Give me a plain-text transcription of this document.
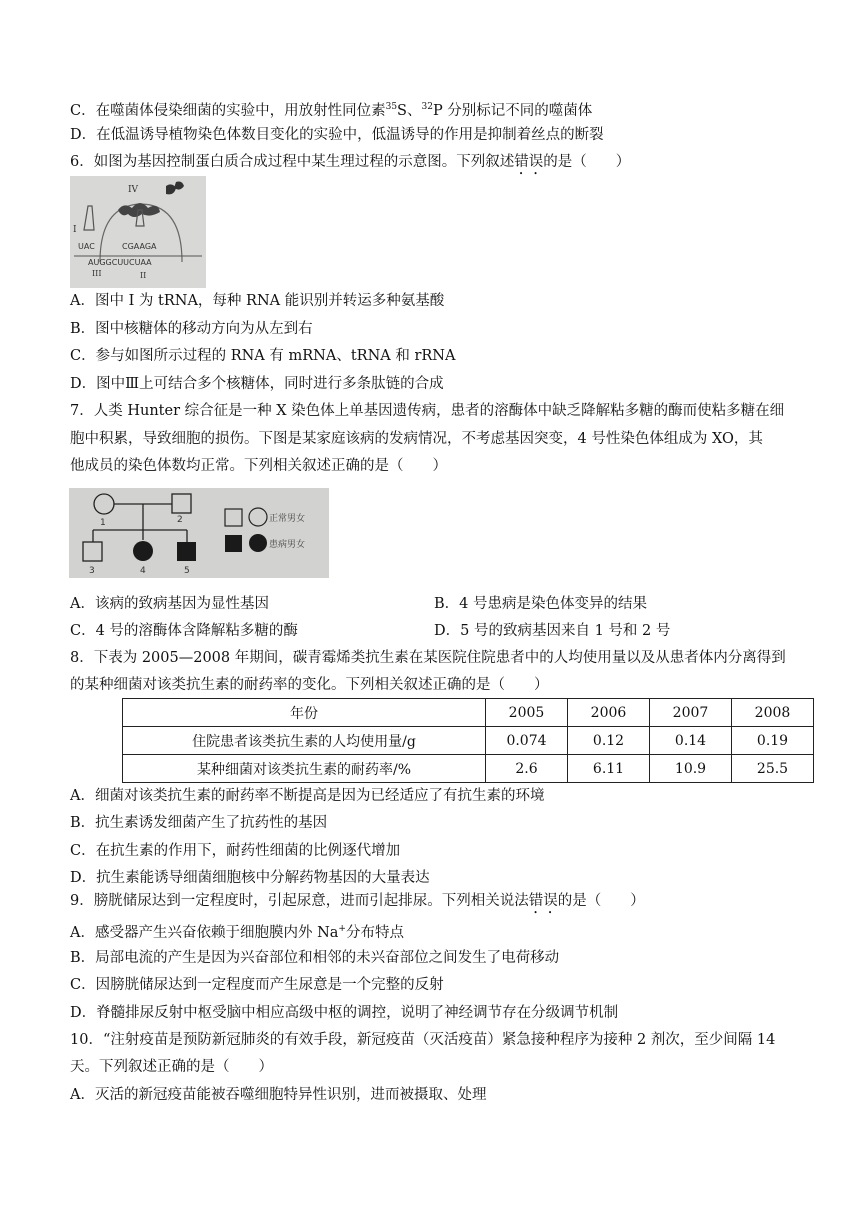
C．在噬菌体侵染细菌的实验中，用放射性同位素$^{35}$S、$^{32}$P 分别标记不同的噬菌体
D．在低温诱导植物染色体数目变化的实验中，低温诱导的作用是抑制着丝点的断裂
6．如图为基因控制蛋白质合成过程中某生理过程的示意图。下列叙述错误的是（　　）
IV
I
UAC	CGAAGA
AUGGCUUCUAA
III	II
A．图中 I 为 tRNA，每种 RNA 能识别并转运多种氨基酸
B．图中核糖体的移动方向为从左到右
C．参与如图所示过程的 RNA 有 mRNA、tRNA 和 rRNA
D．图中Ⅲ上可结合多个核糖体，同时进行多条肽链的合成
7．人类 Hunter 综合征是一种 X 染色体上单基因遗传病，患者的溶酶体中缺乏降解粘多糖的酶而使粘多糖在细
胞中积累，导致细胞的损伤。下图是某家庭该病的发病情况，不考虑基因突变，4 号性染色体组成为 XO，其
他成员的染色体数均正常。下列相关叙述正确的是（　　）
1	2
3	4	5
正常男女
患病男女
A．该病的致病基因为显性基因	B．4 号患病是染色体变异的结果
C．4 号的溶酶体含降解粘多糖的酶	D．5 号的致病基因来自 1 号和 2 号
8．下表为 2005—2008 年期间，碳青霉烯类抗生素在某医院住院患者中的人均使用量以及从患者体内分离得到
的某种细菌对该类抗生素的耐药率的变化。下列相关叙述正确的是（　　）
年份	2005	2006	2007	2008
住院患者该类抗生素的人均使用量/g	0.074	0.12	0.14	0.19
某种细菌对该类抗生素的耐药率/%	2.6	6.11	10.9	25.5
A．细菌对该类抗生素的耐药率不断提高是因为已经适应了有抗生素的环境
B．抗生素诱发细菌产生了抗药性的基因
C．在抗生素的作用下，耐药性细菌的比例逐代增加
D．抗生素能诱导细菌细胞核中分解药物基因的大量表达
9．膀胱储尿达到一定程度时，引起尿意，进而引起排尿。下列相关说法错误的是（　　）
A．感受器产生兴奋依赖于细胞膜内外 Na+分布特点
B．局部电流的产生是因为兴奋部位和相邻的未兴奋部位之间发生了电荷移动
C．因膀胱储尿达到一定程度而产生尿意是一个完整的反射
D．脊髓排尿反射中枢受脑中相应高级中枢的调控，说明了神经调节存在分级调节机制
10．“注射疫苗是预防新冠肺炎的有效手段，新冠疫苗（灭活疫苗）紧急接种程序为接种 2 剂次，至少间隔 14
天。下列叙述正确的是（　　）
A．灭活的新冠疫苗能被吞噬细胞特异性识别，进而被摄取、处理
